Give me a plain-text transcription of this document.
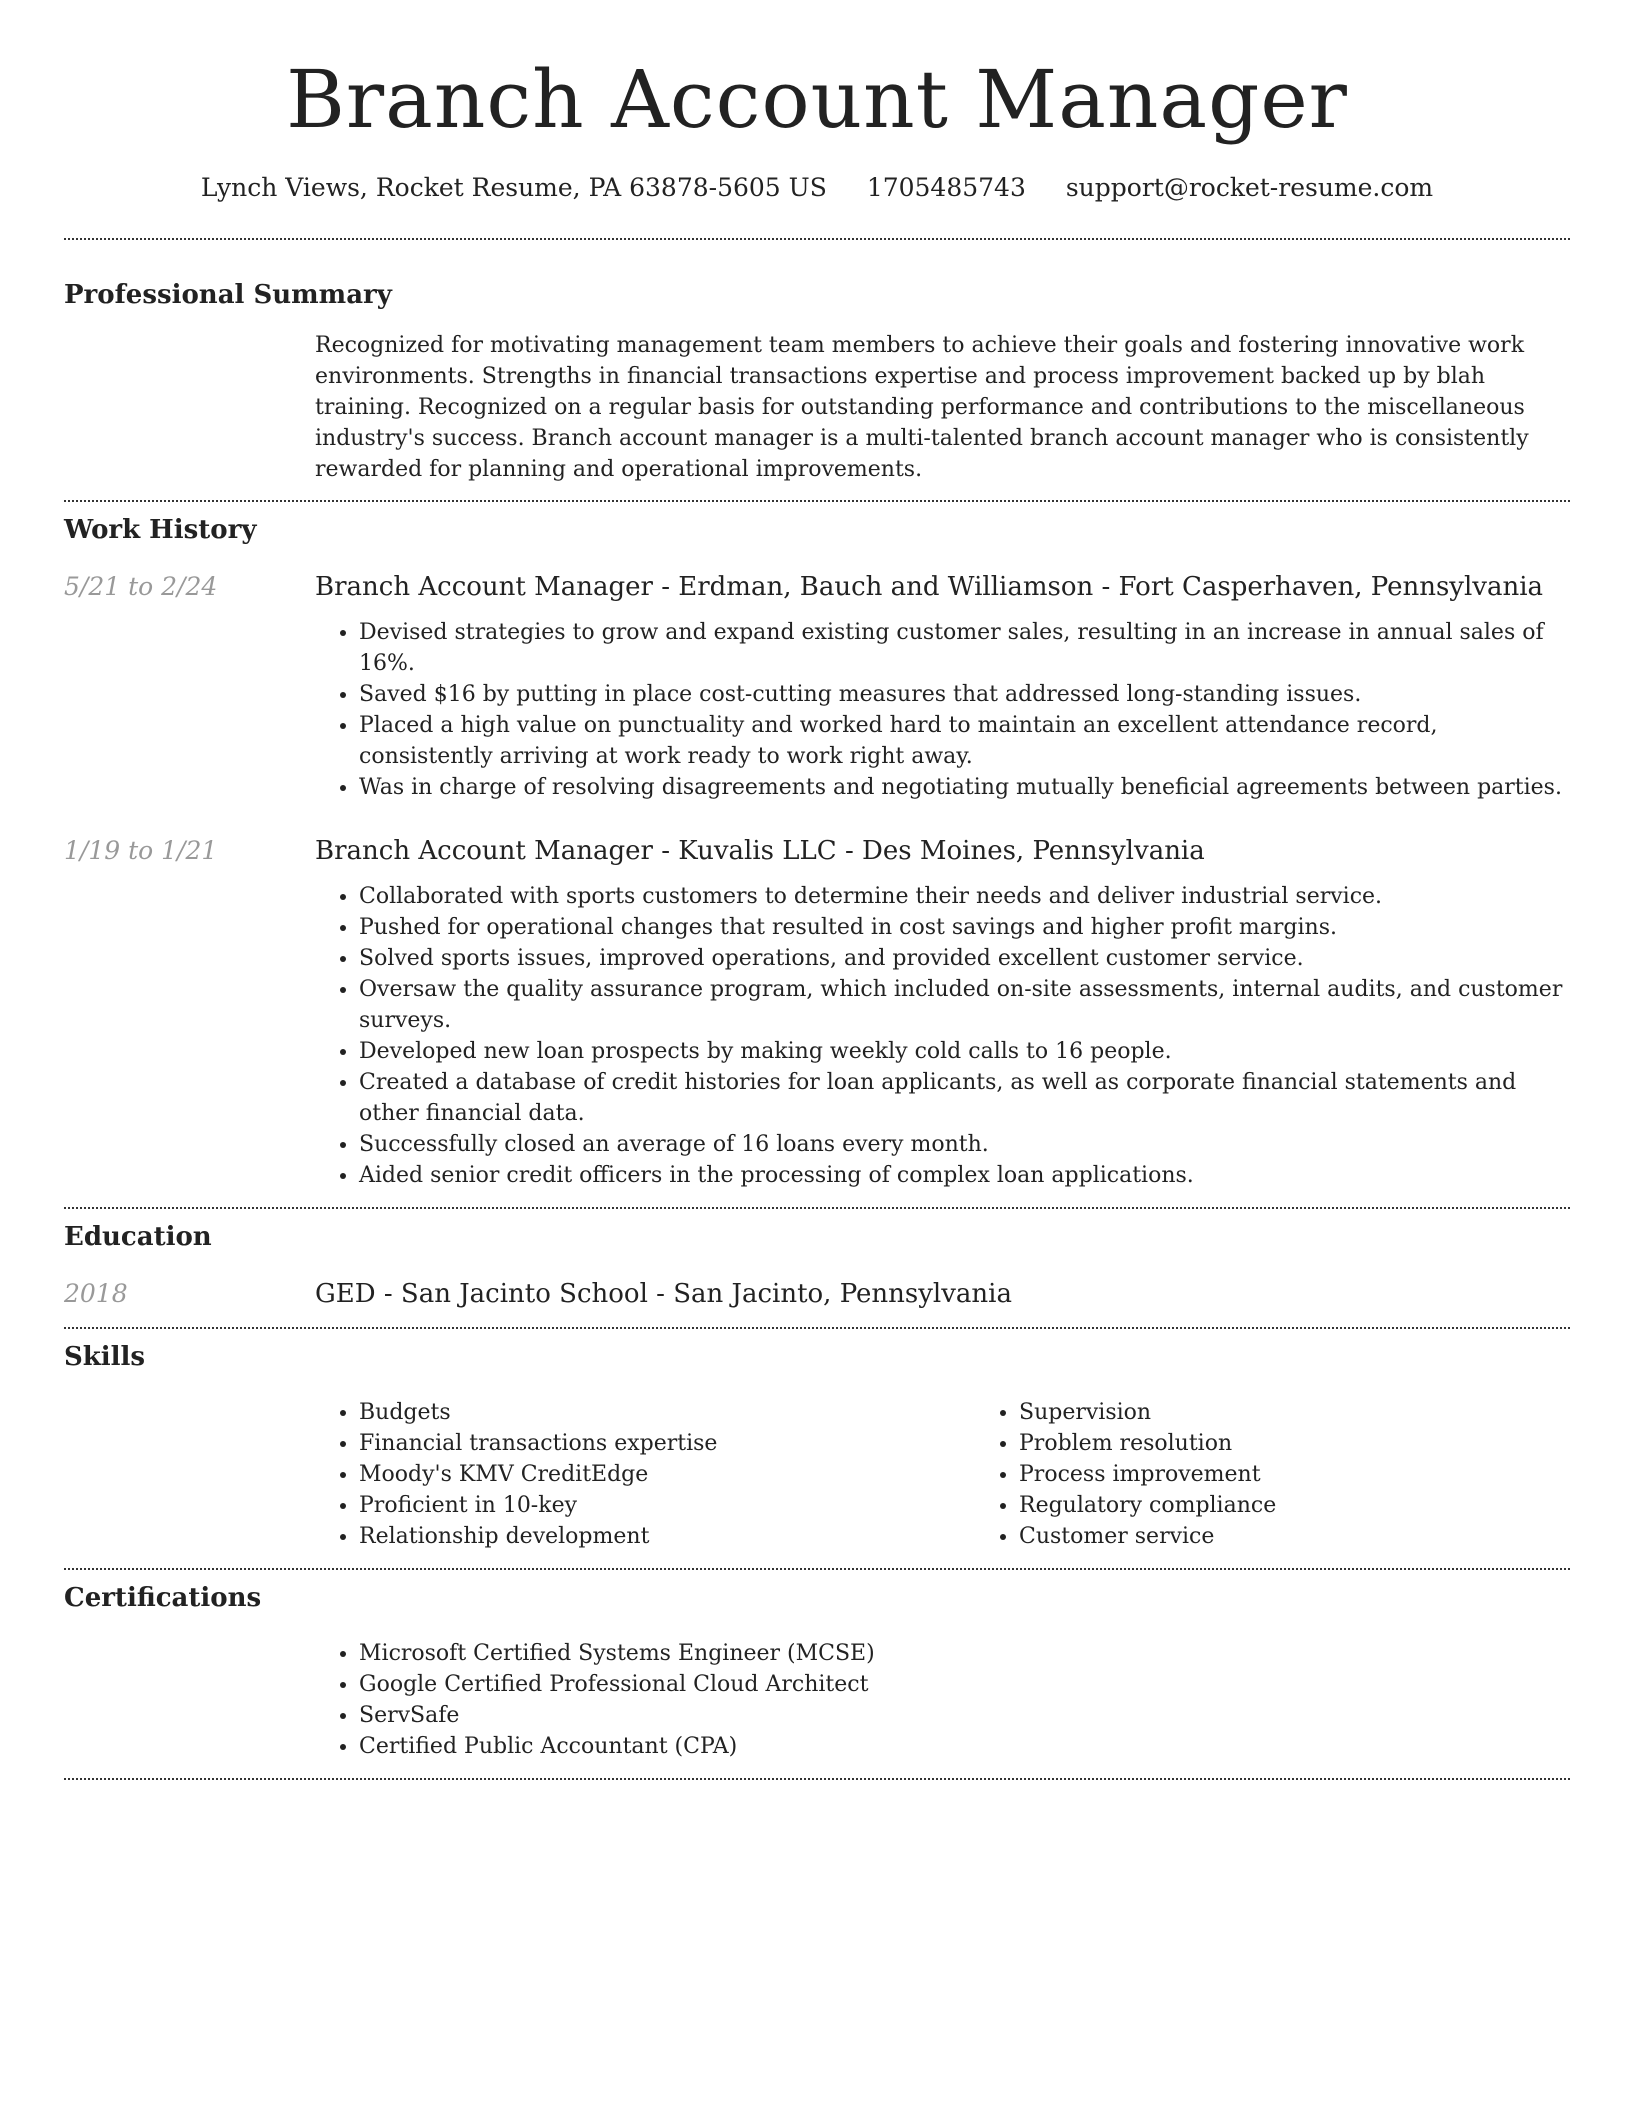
Branch Account Manager
Lynch Views, Rocket Resume, PA 63878-5605 US 1705485743 support@rocket-resume.com
Professional Summary
Recognized for motivating management team members to achieve their goals and fostering innovative work environments. Strengths in financial transactions expertise and process improvement backed up by blah training. Recognized on a regular basis for outstanding performance and contributions to the miscellaneous industry's success. Branch account manager is a multi-talented branch account manager who is consistently rewarded for planning and operational improvements.
Work History
5/21 to 2/24	Branch Account Manager - Erdman, Bauch and Williamson - Fort Casperhaven, Pennsylvania
• Devised strategies to grow and expand existing customer sales, resulting in an increase in annual sales of 16%.
• Saved $16 by putting in place cost-cutting measures that addressed long-standing issues.
• Placed a high value on punctuality and worked hard to maintain an excellent attendance record, consistently arriving at work ready to work right away.
• Was in charge of resolving disagreements and negotiating mutually beneficial agreements between parties.
1/19 to 1/21	Branch Account Manager - Kuvalis LLC - Des Moines, Pennsylvania
• Collaborated with sports customers to determine their needs and deliver industrial service.
• Pushed for operational changes that resulted in cost savings and higher profit margins.
• Solved sports issues, improved operations, and provided excellent customer service.
• Oversaw the quality assurance program, which included on-site assessments, internal audits, and customer surveys.
• Developed new loan prospects by making weekly cold calls to 16 people.
• Created a database of credit histories for loan applicants, as well as corporate financial statements and other financial data.
• Successfully closed an average of 16 loans every month.
• Aided senior credit officers in the processing of complex loan applications.
Education
2018	GED - San Jacinto School - San Jacinto, Pennsylvania
Skills
• Budgets
• Financial transactions expertise
• Moody's KMV CreditEdge
• Proficient in 10-key
• Relationship development
• Supervision
• Problem resolution
• Process improvement
• Regulatory compliance
• Customer service
Certifications
• Microsoft Certified Systems Engineer (MCSE)
• Google Certified Professional Cloud Architect
• ServSafe
• Certified Public Accountant (CPA)
